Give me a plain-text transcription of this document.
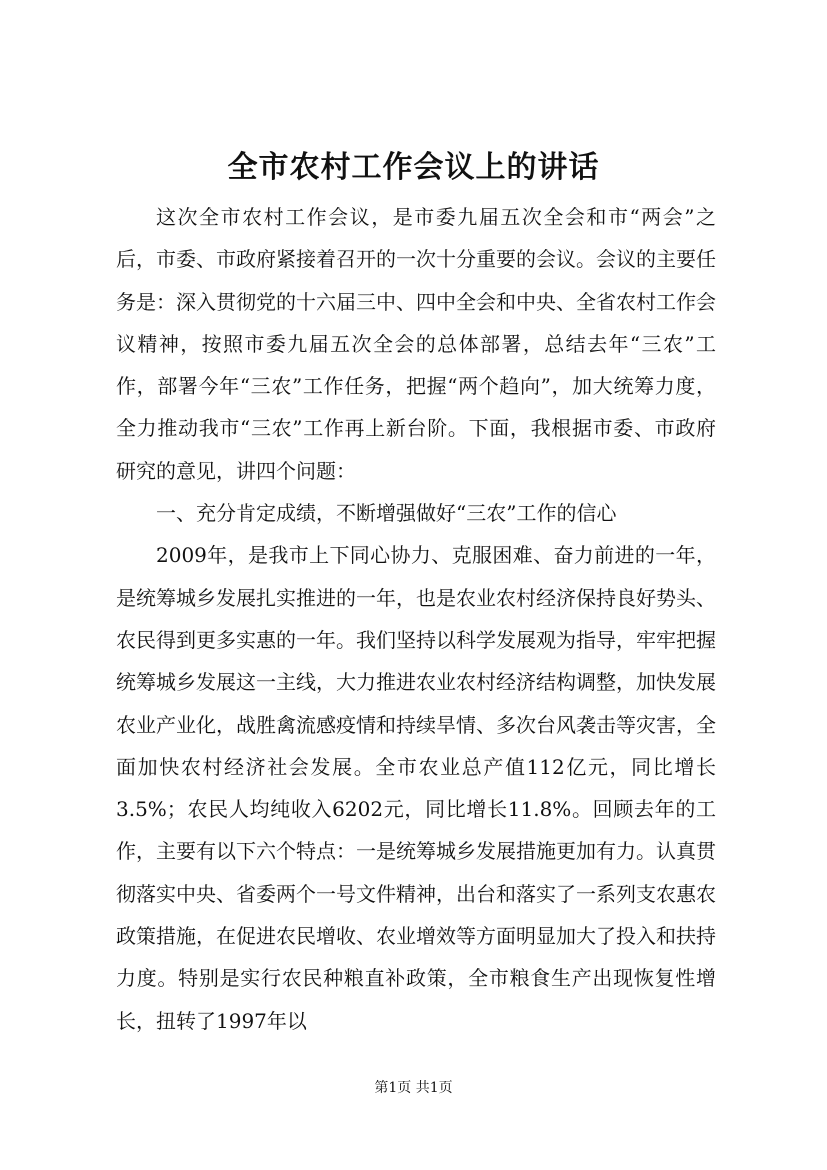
全市农村工作会议上的讲话

这次全市农村工作会议，是市委九届五次全会和市“两会”之后，市委、市政府紧接着召开的一次十分重要的会议。会议的主要任务是：深入贯彻党的十六届三中、四中全会和中央、全省农村工作会议精神，按照市委九届五次全会的总体部署，总结去年“三农”工作，部署今年“三农”工作任务，把握“两个趋向”，加大统筹力度，全力推动我市“三农”工作再上新台阶。下面，我根据市委、市政府研究的意见，讲四个问题：

一、充分肯定成绩，不断增强做好“三农”工作的信心

2009年，是我市上下同心协力、克服困难、奋力前进的一年，是统筹城乡发展扎实推进的一年，也是农业农村经济保持良好势头、农民得到更多实惠的一年。我们坚持以科学发展观为指导，牢牢把握统筹城乡发展这一主线，大力推进农业农村经济结构调整，加快发展农业产业化，战胜禽流感疫情和持续旱情、多次台风袭击等灾害，全面加快农村经济社会发展。全市农业总产值112亿元，同比增长3.5%；农民人均纯收入6202元，同比增长11.8%。回顾去年的工作，主要有以下六个特点：一是统筹城乡发展措施更加有力。认真贯彻落实中央、省委两个一号文件精神，出台和落实了一系列支农惠农政策措施，在促进农民增收、农业增效等方面明显加大了投入和扶持力度。特别是实行农民种粮直补政策，全市粮食生产出现恢复性增长，扭转了1997年以

第1页 共1页
